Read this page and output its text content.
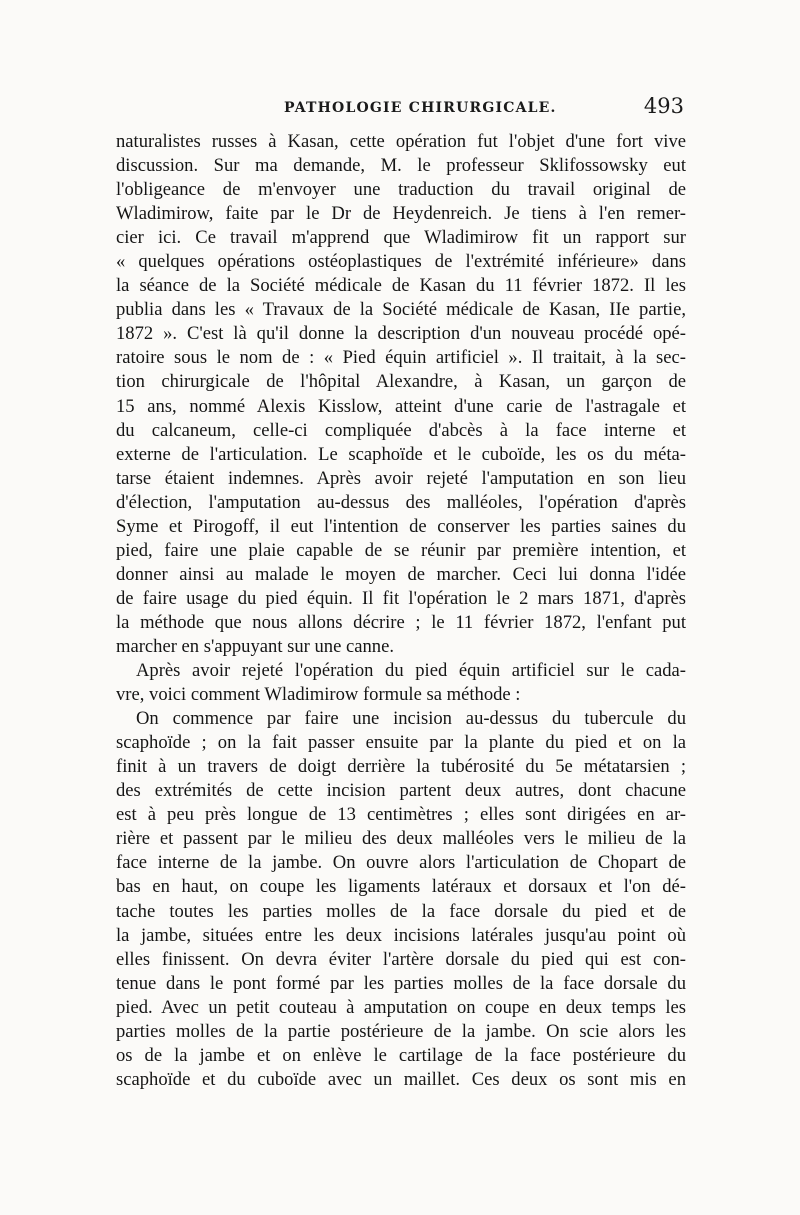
PATHOLOGIE CHIRURGICALE.	493
naturalistes russes à Kasan, cette opération fut l'objet d'une fort vive
discussion. Sur ma demande, M. le professeur Sklifossowsky eut
l'obligeance de m'envoyer une traduction du travail original de
Wladimirow, faite par le Dr de Heydenreich. Je tiens à l'en remer-
cier ici. Ce travail m'apprend que Wladimirow fit un rapport sur
« quelques opérations ostéoplastiques de l'extrémité inférieure» dans
la séance de la Société médicale de Kasan du 11 février 1872. Il les
publia dans les « Travaux de la Société médicale de Kasan, IIe partie,
1872 ». C'est là qu'il donne la description d'un nouveau procédé opé-
ratoire sous le nom de : « Pied équin artificiel ». Il traitait, à la sec-
tion chirurgicale de l'hôpital Alexandre, à Kasan, un garçon de
15 ans, nommé Alexis Kisslow, atteint d'une carie de l'astragale et
du calcaneum, celle-ci compliquée d'abcès à la face interne et
externe de l'articulation. Le scaphoïde et le cuboïde, les os du méta-
tarse étaient indemnes. Après avoir rejeté l'amputation en son lieu
d'élection, l'amputation au-dessus des malléoles, l'opération d'après
Syme et Pirogoff, il eut l'intention de conserver les parties saines du
pied, faire une plaie capable de se réunir par première intention, et
donner ainsi au malade le moyen de marcher. Ceci lui donna l'idée
de faire usage du pied équin. Il fit l'opération le 2 mars 1871, d'après
la méthode que nous allons décrire ; le 11 février 1872, l'enfant put
marcher en s'appuyant sur une canne.
Après avoir rejeté l'opération du pied équin artificiel sur le cada-
vre, voici comment Wladimirow formule sa méthode :
On commence par faire une incision au-dessus du tubercule du
scaphoïde ; on la fait passer ensuite par la plante du pied et on la
finit à un travers de doigt derrière la tubérosité du 5e métatarsien ;
des extrémités de cette incision partent deux autres, dont chacune
est à peu près longue de 13 centimètres ; elles sont dirigées en ar-
rière et passent par le milieu des deux malléoles vers le milieu de la
face interne de la jambe. On ouvre alors l'articulation de Chopart de
bas en haut, on coupe les ligaments latéraux et dorsaux et l'on dé-
tache toutes les parties molles de la face dorsale du pied et de
la jambe, situées entre les deux incisions latérales jusqu'au point où
elles finissent. On devra éviter l'artère dorsale du pied qui est con-
tenue dans le pont formé par les parties molles de la face dorsale du
pied. Avec un petit couteau à amputation on coupe en deux temps les
parties molles de la partie postérieure de la jambe. On scie alors les
os de la jambe et on enlève le cartilage de la face postérieure du
scaphoïde et du cuboïde avec un maillet. Ces deux os sont mis en
